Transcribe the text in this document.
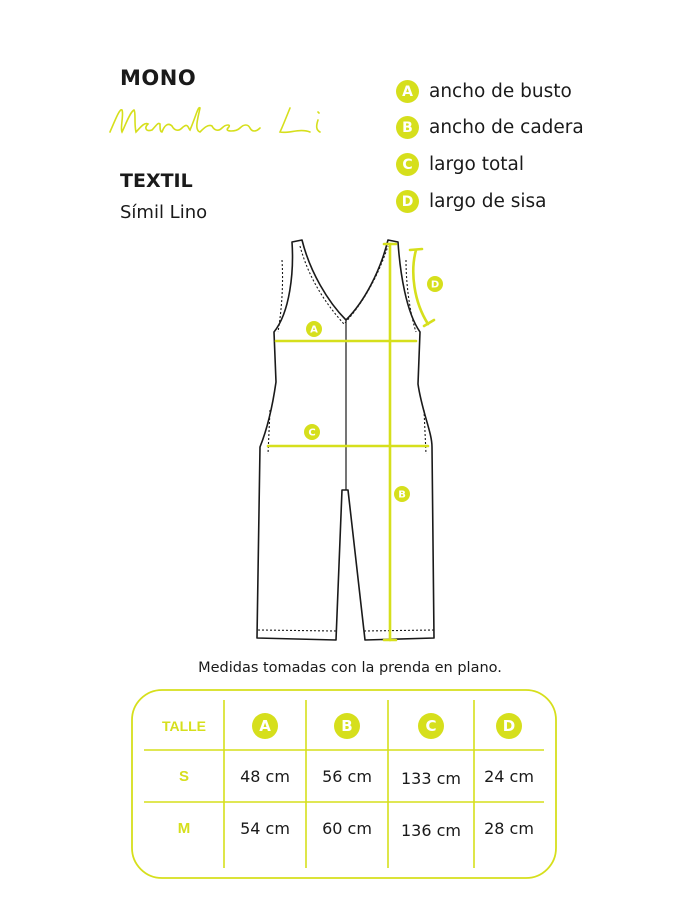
MONO
TEXTIL
Símil Lino
A ancho de busto
B ancho de cadera
C largo total
D largo de sisa
A
C
B
D
Medidas tomadas con la prenda en plano.
TALLE	A	B	C	D
S	48 cm	56 cm	133 cm	24 cm
M	54 cm	60 cm	136 cm	28 cm
